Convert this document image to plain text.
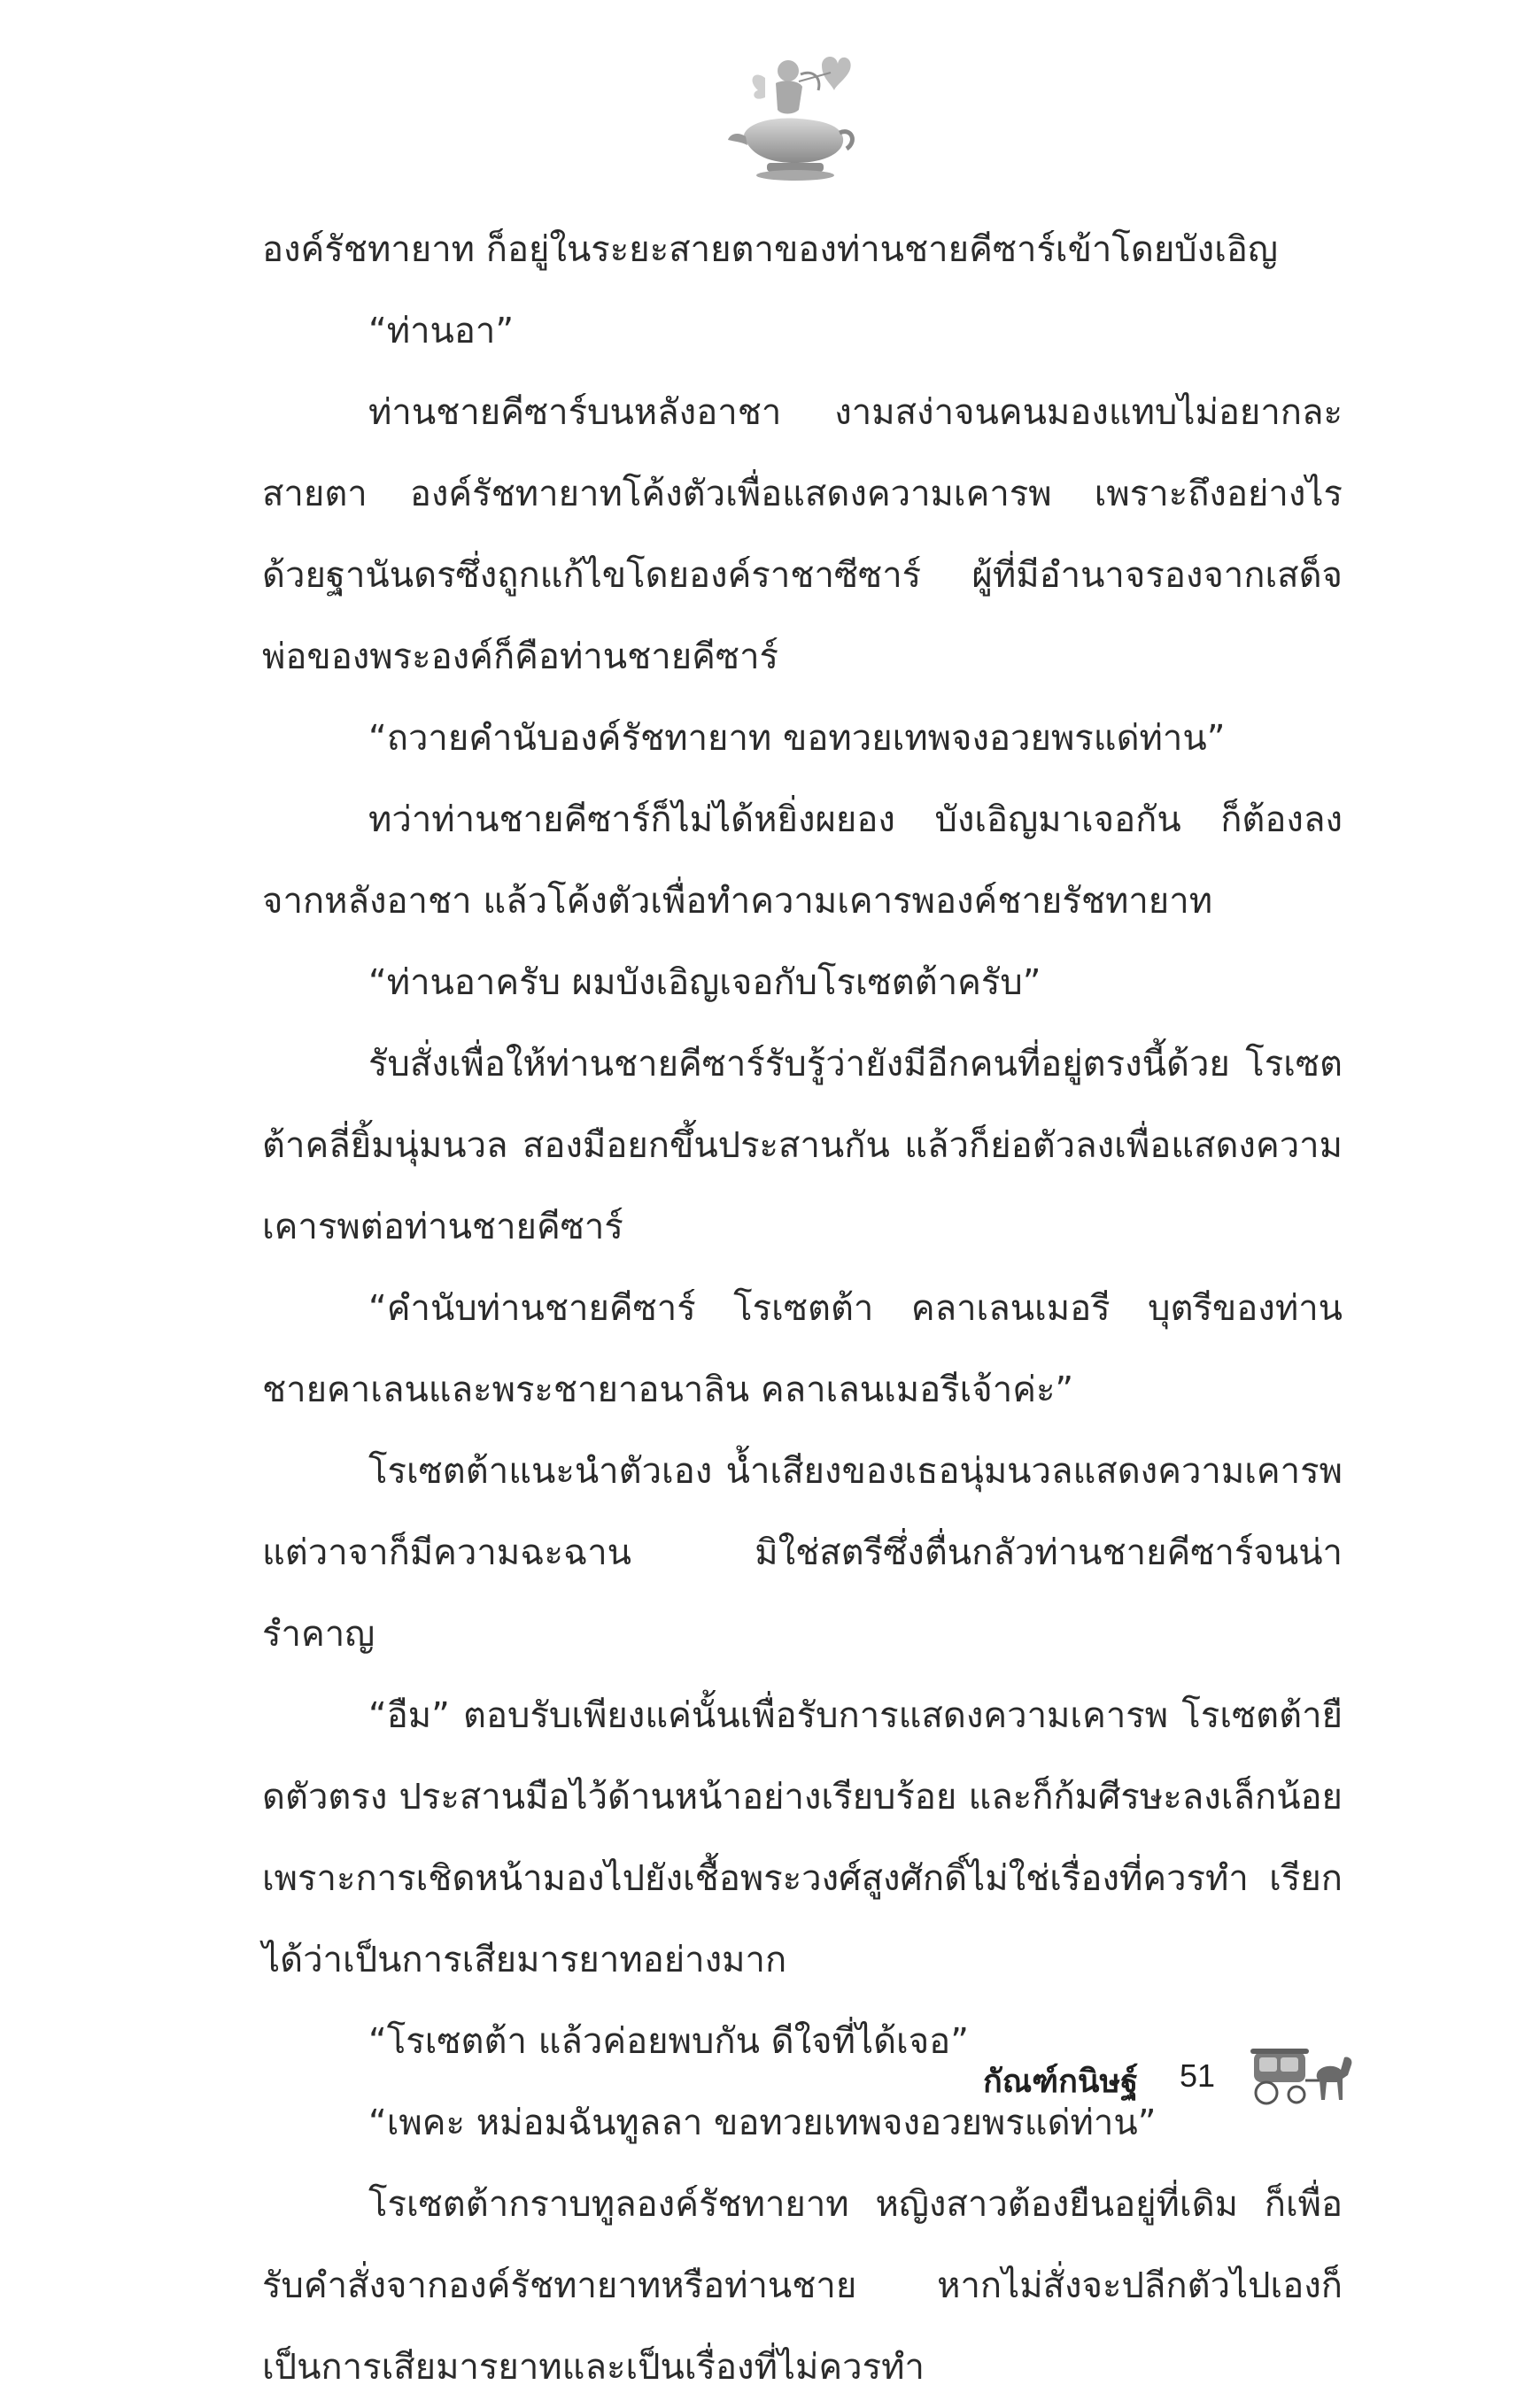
องค์รัชทายาท ก็อยู่ในระยะสายตาของท่านชายคีซาร์เข้าโดยบังเอิญ

“ท่านอา”

ท่านชายคีซาร์บนหลังอาชา งามสง่าจนคนมองแทบไม่อยากละสายตา องค์รัชทายาทโค้งตัวเพื่อแสดงความเคารพ เพราะถึงอย่างไรด้วยฐานันดรซึ่งถูกแก้ไขโดยองค์ราชาซีซาร์ ผู้ที่มีอำนาจรองจากเสด็จพ่อของพระองค์ก็คือท่านชายคีซาร์

“ถวายคำนับองค์รัชทายาท ขอทวยเทพจงอวยพรแด่ท่าน”

ทว่าท่านชายคีซาร์ก็ไม่ได้หยิ่งผยอง บังเอิญมาเจอกัน ก็ต้องลงจากหลังอาชา แล้วโค้งตัวเพื่อทำความเคารพองค์ชายรัชทายาท

“ท่านอาครับ ผมบังเอิญเจอกับโรเซตต้าครับ”

รับสั่งเพื่อให้ท่านชายคีซาร์รับรู้ว่ายังมีอีกคนที่อยู่ตรงนี้ด้วย โรเซตต้าคลี่ยิ้มนุ่มนวล สองมือยกขึ้นประสานกัน แล้วก็ย่อตัวลงเพื่อแสดงความเคารพต่อท่านชายคีซาร์

“คำนับท่านชายคีซาร์ โรเซตต้า คลาเลนเมอรี บุตรีของท่านชายคาเลนและพระชายาอนาลิน คลาเลนเมอรีเจ้าค่ะ”

โรเซตต้าแนะนำตัวเอง น้ำเสียงของเธอนุ่มนวลแสดงความเคารพแต่วาจาก็มีความฉะฉาน มิใช่สตรีซึ่งตื่นกลัวท่านชายคีซาร์จนน่ารำคาญ

“อืม” ตอบรับเพียงแค่นั้นเพื่อรับการแสดงความเคารพ โรเซตต้ายืดตัวตรง ประสานมือไว้ด้านหน้าอย่างเรียบร้อย และก็ก้มศีรษะลงเล็กน้อย เพราะการเชิดหน้ามองไปยังเชื้อพระวงศ์สูงศักดิ์ไม่ใช่เรื่องที่ควรทำ เรียกได้ว่าเป็นการเสียมารยาทอย่างมาก

“โรเซตต้า แล้วค่อยพบกัน ดีใจที่ได้เจอ”

“เพคะ หม่อมฉันทูลลา ขอทวยเทพจงอวยพรแด่ท่าน”

โรเซตต้ากราบทูลองค์รัชทายาท หญิงสาวต้องยืนอยู่ที่เดิม ก็เพื่อรับคำสั่งจากองค์รัชทายาทหรือท่านชาย หากไม่สั่งจะปลีกตัวไปเองก็เป็นการเสียมารยาทและเป็นเรื่องที่ไม่ควรทำ

กัณฑ์กนิษฐ์ 51
